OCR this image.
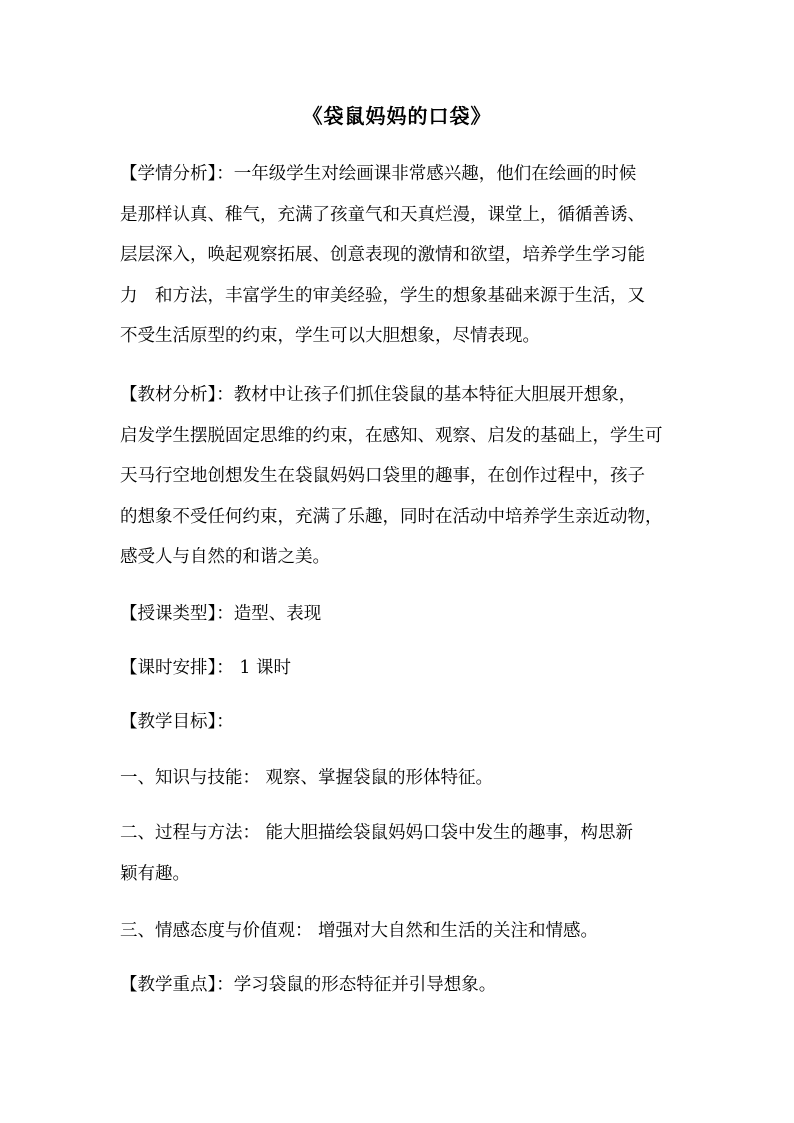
《袋鼠妈妈的口袋》
【学情分析】：一年级学生对绘画课非常感兴趣，他们在绘画的时候
是那样认真、稚气，充满了孩童气和天真烂漫，课堂上，循循善诱、
层层深入，唤起观察拓展、创意表现的激情和欲望，培养学生学习能
力　和方法，丰富学生的审美经验，学生的想象基础来源于生活，又
不受生活原型的约束，学生可以大胆想象，尽情表现。
【教材分析】：教材中让孩子们抓住袋鼠的基本特征大胆展开想象，
启发学生摆脱固定思维的约束，在感知、观察、启发的基础上，学生可
天马行空地创想发生在袋鼠妈妈口袋里的趣事，在创作过程中，孩子
的想象不受任何约束，充满了乐趣，同时在活动中培养学生亲近动物，
感受人与自然的和谐之美。
【授课类型】：造型、表现
【课时安排】： 1 课时
【教学目标】：
一、知识与技能： 观察、掌握袋鼠的形体特征。
二、过程与方法： 能大胆描绘袋鼠妈妈口袋中发生的趣事，构思新
颖有趣。
三、情感态度与价值观： 增强对大自然和生活的关注和情感。
【教学重点】：学习袋鼠的形态特征并引导想象。
